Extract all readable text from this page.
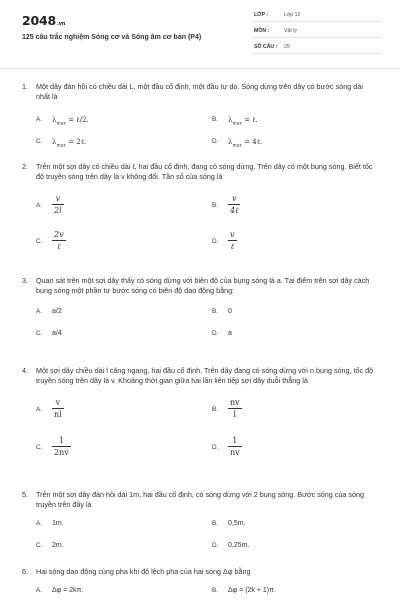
2048.vn
125 câu trắc nghiệm Sóng cơ và Sóng âm cơ bản (P4)
LỚP :	Lớp 12
MÔN :	Vật lý
SỐ CÂU : 25
1. Một dây đàn hồi có chiều dài L, một đầu cố định, một đầu tự do. Sóng dừng trên dây có bước sóng dài nhất là
A. $\lambda_{max}$ = ℓ/2.	B. $\lambda_{max}$ = ℓ.
C. $\lambda_{max}$ = 2ℓ.	D. $\lambda_{max}$ = 4ℓ.
2. Trên một sợi dây có chiều dài ℓ, hai đầu cố định, đang có sóng dừng. Trên dây có một bụng sóng. Biết tốc độ truyền sóng trên dây là v không đổi. Tần số của sóng là
A. $\frac{v}{2l}$	B. $\frac{v}{\text{4ℓ}}$
C. $\frac{2v}{\text{ℓ}}$	D. $\frac{v}{\text{ℓ}}$
3. Quan sát trên một sợi dây thấy có sóng dừng với biên độ của bụng sóng là a. Tại điểm trên sợi dây cách bụng sóng một phần tư bước sóng có biên độ dao động bằng:
A. a/2	B. 0
C. a/4	D. a
4. Một sợi dây chiều dài l căng ngang, hai đầu cố định. Trên dây đang có sóng dừng với n bụng sóng, tốc độ truyền sóng trên dây là v. Khoảng thời gian giữa hai lần liên tiếp sợi dây duỗi thẳng là
A. $\frac{v}{nl}$	B. $\frac{nv}{l}$
C. $\frac{1}{2nv}$	D. $\frac{1}{nv}$
5. Trên một sợi dây đàn hồi dài 1m, hai đầu cố định, có sóng dừng với 2 bụng sóng. Bước sóng của sóng truyền trên đây là
A. 1m.	B. 0,5m.
C. 2m.	D. 0,25m.
6. Hai sóng dao động cùng pha khi độ lệch pha của hai sóng Δφ bằng
A. Δφ = 2kπ.	B. Δφ = (2k + 1)π.
